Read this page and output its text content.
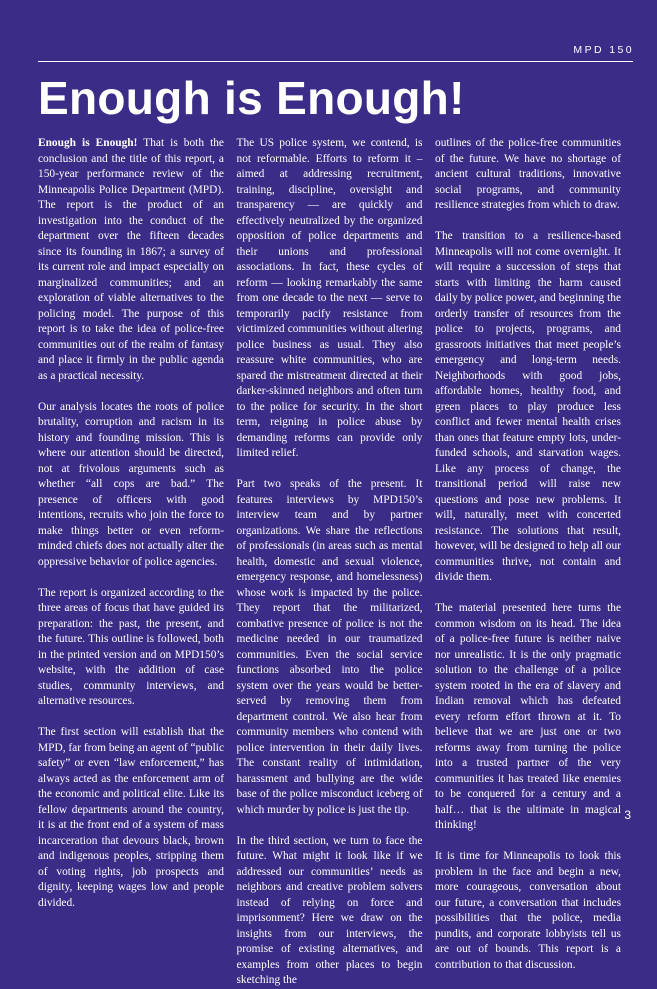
MPD 150
Enough is Enough!

Enough is Enough! That is both the conclusion and the title of this report, a 150-year performance review of the Minneapolis Police Department (MPD). The report is the product of an investigation into the conduct of the department over the fifteen decades since its founding in 1867; a survey of its current role and impact especially on marginalized communities; and an exploration of viable alternatives to the policing model. The purpose of this report is to take the idea of police-free communities out of the realm of fantasy and place it firmly in the public agenda as a practical necessity.

Our analysis locates the roots of police brutality, corruption and racism in its history and founding mission. This is where our attention should be directed, not at frivolous arguments such as whether “all cops are bad.” The presence of officers with good intentions, recruits who join the force to make things better or even reform-minded chiefs does not actually alter the oppressive behavior of police agencies.

The report is organized according to the three areas of focus that have guided its preparation: the past, the present, and the future. This outline is followed, both in the printed version and on MPD150’s website, with the addition of case studies, community interviews, and alternative resources.

The first section will establish that the MPD, far from being an agent of “public safety” or even “law enforcement,” has always acted as the enforcement arm of the economic and political elite. Like its fellow departments around the country, it is at the front end of a system of mass incarceration that devours black, brown and indigenous peoples, stripping them of voting rights, job prospects and dignity, keeping wages low and people divided.

The US police system, we contend, is not reformable. Efforts to reform it – aimed at addressing recruitment, training, discipline, oversight and transparency — are quickly and effectively neutralized by the organized opposition of police departments and their unions and professional associations. In fact, these cycles of reform — looking remarkably the same from one decade to the next — serve to temporarily pacify resistance from victimized communities without altering police business as usual. They also reassure white communities, who are spared the mistreatment directed at their darker-skinned neighbors and often turn to the police for security. In the short term, reigning in police abuse by demanding reforms can provide only limited relief.

Part two speaks of the present. It features interviews by MPD150’s interview team and by partner organizations. We share the reflections of professionals (in areas such as mental health, domestic and sexual violence, emergency response, and homelessness) whose work is impacted by the police. They report that the militarized, combative presence of police is not the medicine needed in our traumatized communities. Even the social service functions absorbed into the police system over the years would be better-served by removing them from department control. We also hear from community members who contend with police intervention in their daily lives. The constant reality of intimidation, harassment and bullying are the wide base of the police misconduct iceberg of which murder by police is just the tip.

In the third section, we turn to face the future. What might it look like if we addressed our communities’ needs as neighbors and creative problem solvers instead of relying on force and imprisonment? Here we draw on the insights from our interviews, the promise of existing alternatives, and examples from other places to begin sketching the

outlines of the police-free communities of the future. We have no shortage of ancient cultural traditions, innovative social programs, and community resilience strategies from which to draw.

The transition to a resilience-based Minneapolis will not come overnight. It will require a succession of steps that starts with limiting the harm caused daily by police power, and beginning the orderly transfer of resources from the police to projects, programs, and grassroots initiatives that meet people’s emergency and long-term needs. Neighborhoods with good jobs, affordable homes, healthy food, and green places to play produce less conflict and fewer mental health crises than ones that feature empty lots, under-funded schools, and starvation wages. Like any process of change, the transitional period will raise new questions and pose new problems. It will, naturally, meet with concerted resistance. The solutions that result, however, will be designed to help all our communities thrive, not contain and divide them.

The material presented here turns the common wisdom on its head. The idea of a police-free future is neither naive nor unrealistic. It is the only pragmatic solution to the challenge of a police system rooted in the era of slavery and Indian removal which has defeated every reform effort thrown at it. To believe that we are just one or two reforms away from turning the police into a trusted partner of the very communities it has treated like enemies to be conquered for a century and a half… that is the ultimate in magical thinking!

It is time for Minneapolis to look this problem in the face and begin a new, more courageous, conversation about our future, a conversation that includes possibilities that the police, media pundits, and corporate lobbyists tell us are out of bounds. This report is a contribution to that discussion.

3
